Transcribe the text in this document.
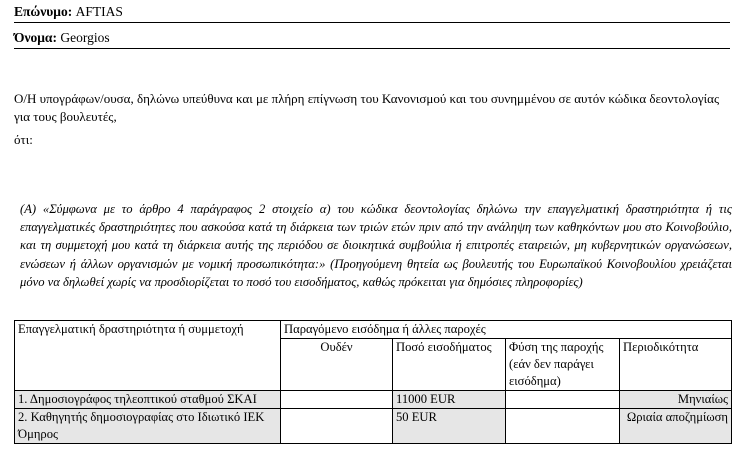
Επώνυμο: AFTIAS
Όνομα: Georgios
Ο/Η υπογράφων/ουσα, δηλώνω υπεύθυνα και με πλήρη επίγνωση του Κανονισμού και του συνημμένου σε αυτόν κώδικα δεοντολογίας για τους βουλευτές,
ότι:
(A) «Σύμφωνα με το άρθρο 4 παράγραφος 2 στοιχείο α) του κώδικα δεοντολογίας δηλώνω την επαγγελματική δραστηριότητα ή τις επαγγελματικές δραστηριότητες που ασκούσα κατά τη διάρκεια των τριών ετών πριν από την ανάληψη των καθηκόντων μου στο Κοινοβούλιο, και τη συμμετοχή μου κατά τη διάρκεια αυτής της περιόδου σε διοικητικά συμβούλια ή επιτροπές εταιρειών, μη κυβερνητικών οργανώσεων, ενώσεων ή άλλων οργανισμών με νομική προσωπικότητα:» (Προηγούμενη θητεία ως βουλευτής του Ευρωπαϊκού Κοινοβουλίου χρειάζεται μόνο να δηλωθεί χωρίς να προσδιορίζεται το ποσό του εισοδήματος, καθώς πρόκειται για δημόσιες πληροφορίες)
Επαγγελματική δραστηριότητα ή συμμετοχή	Παραγόμενο εισόδημα ή άλλες παροχές			
	Ουδέν	Ποσό εισοδήματος	Φύση της παροχής (εάν δεν παράγει εισόδημα)	Περιοδικότητα
1. Δημοσιογράφος τηλεοπτικού σταθμού ΣΚΑΙ		11000 EUR		Μηνιαίως
2. Καθηγητής δημοσιογραφίας στο Ιδιωτικό ΙΕΚ Όμηρος		50 EUR		Ωριαία αποζημίωση
